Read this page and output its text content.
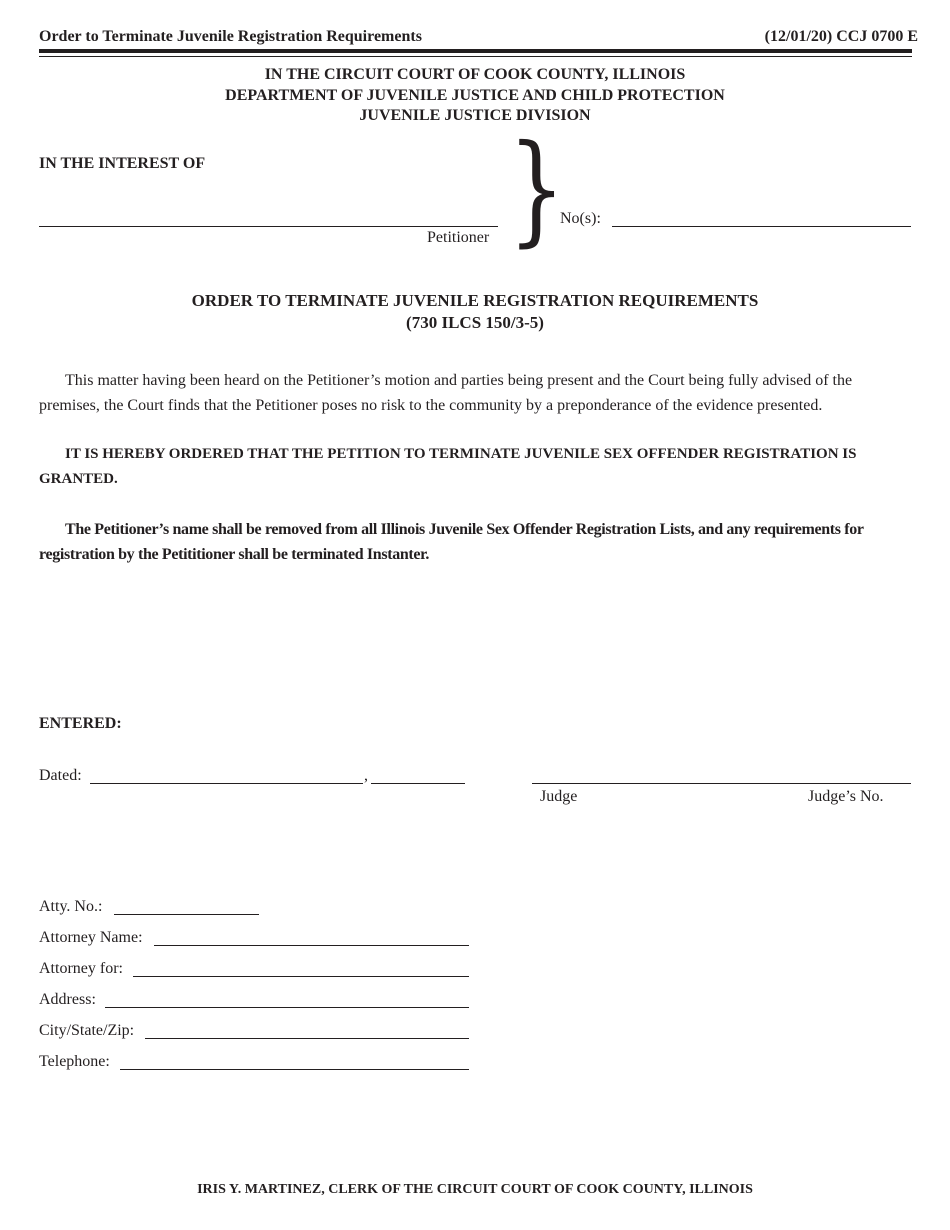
Order to Terminate Juvenile Registration Requirements	(12/01/20) CCJ 0700 E
IN THE CIRCUIT COURT OF COOK COUNTY, ILLINOIS
DEPARTMENT OF JUVENILE JUSTICE AND CHILD PROTECTION
JUVENILE JUSTICE DIVISION
IN THE INTEREST OF
Petitioner }
No(s):
ORDER TO TERMINATE JUVENILE REGISTRATION REQUIREMENTS
(730 ILCS 150/3-5)
This matter having been heard on the Petitioner’s motion and parties being present and the Court being fully advised of the premises, the Court finds that the Petitioner poses no risk to the community by a preponderance of the evidence presented.
IT IS HEREBY ORDERED THAT THE PETITION TO TERMINATE JUVENILE SEX OFFENDER REGISTRATION IS GRANTED.
The Petitioner’s name shall be removed from all Illinois Juvenile Sex Offender Registration Lists, and any requirements for registration by the Petititioner shall be terminated Instanter.
ENTERED:
Dated:	,
Judge	Judge’s No.
Atty. No.:
Attorney Name:
Attorney for:
Address:
City/State/Zip:
Telephone:
IRIS Y. MARTINEZ, CLERK OF THE CIRCUIT COURT OF COOK COUNTY, ILLINOIS
